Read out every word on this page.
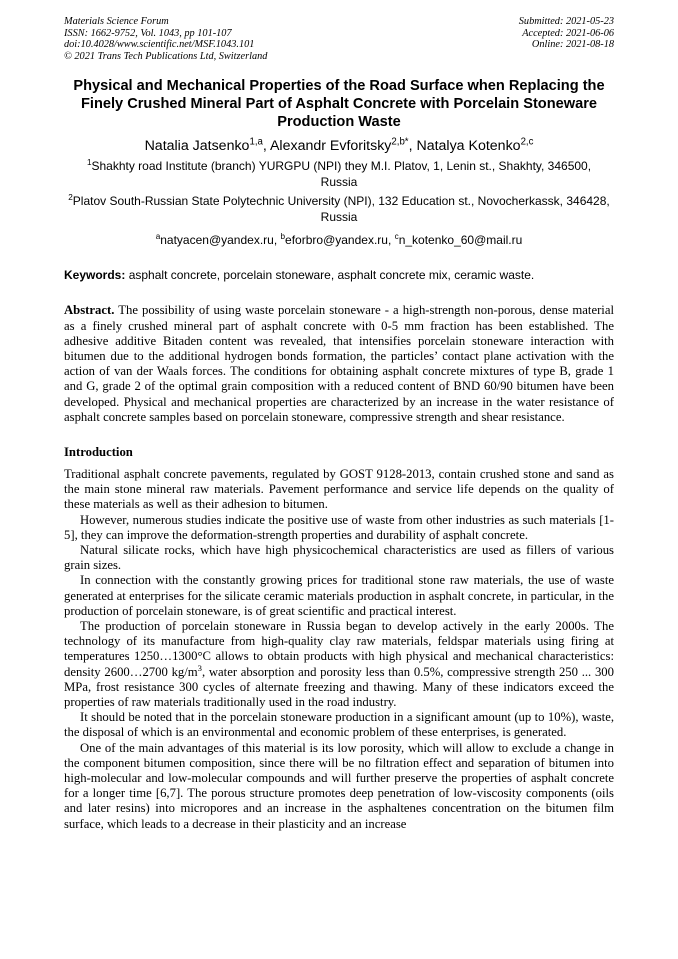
Materials Science Forum
ISSN: 1662-9752, Vol. 1043, pp 101-107
doi:10.4028/www.scientific.net/MSF.1043.101
© 2021 Trans Tech Publications Ltd, Switzerland
Submitted: 2021-05-23
Accepted: 2021-06-06
Online: 2021-08-18
Physical and Mechanical Properties of the Road Surface when Replacing the Finely Crushed Mineral Part of Asphalt Concrete with Porcelain Stoneware Production Waste
Natalia Jatsenko$^{1,a}$, Alexandr Evforitsky$^{2,b*}$, Natalya Kotenko$^{2,c}$
$^1$Shakhty road Institute (branch) YURGPU (NPI) they M.I. Platov, 1, Lenin st., Shakhty, 346500, Russia
$^2$Platov South-Russian State Polytechnic University (NPI), 132 Education st., Novocherkassk, 346428, Russia
$^a$natyacen@yandex.ru, $^b$eforbro@yandex.ru, $^c$n_kotenko_60@mail.ru
Keywords: asphalt concrete, porcelain stoneware, asphalt concrete mix, ceramic waste.
Abstract. The possibility of using waste porcelain stoneware - a high-strength non-porous, dense material as a finely crushed mineral part of asphalt concrete with 0-5 mm fraction has been established. The adhesive additive Bitaden content was revealed, that intensifies porcelain stoneware interaction with bitumen due to the additional hydrogen bonds formation, the particles’ contact plane activation with the action of van der Waals forces. The conditions for obtaining asphalt concrete mixtures of type B, grade 1 and G, grade 2 of the optimal grain composition with a reduced content of BND 60/90 bitumen have been developed. Physical and mechanical properties are characterized by an increase in the water resistance of asphalt concrete samples based on porcelain stoneware, compressive strength and shear resistance.
Introduction

Traditional asphalt concrete pavements, regulated by GOST 9128-2013, contain crushed stone and sand as the main stone mineral raw materials. Pavement performance and service life depends on the quality of these materials as well as their adhesion to bitumen.

However, numerous studies indicate the positive use of waste from other industries as such materials [1-5], they can improve the deformation-strength properties and durability of asphalt concrete.

Natural silicate rocks, which have high physicochemical characteristics are used as fillers of various grain sizes.

In connection with the constantly growing prices for traditional stone raw materials, the use of waste generated at enterprises for the silicate ceramic materials production in asphalt concrete, in particular, in the production of porcelain stoneware, is of great scientific and practical interest.

The production of porcelain stoneware in Russia began to develop actively in the early 2000s. The technology of its manufacture from high-quality clay raw materials, feldspar materials using firing at temperatures 1250…1300°C allows to obtain products with high physical and mechanical characteristics: density 2600…2700 $kg/m^3$, water absorption and porosity less than 0.5%, compressive strength 250 ... 300 MPa, frost resistance 300 cycles of alternate freezing and thawing. Many of these indicators exceed the properties of raw materials traditionally used in the road industry.

It should be noted that in the porcelain stoneware production in a significant amount (up to 10%), waste, the disposal of which is an environmental and economic problem of these enterprises, is generated.

One of the main advantages of this material is its low porosity, which will allow to exclude a change in the component bitumen composition, since there will be no filtration effect and separation of bitumen into high-molecular and low-molecular compounds and will further preserve the properties of asphalt concrete for a longer time [6,7]. The porous structure promotes deep penetration of low-viscosity components (oils and later resins) into micropores and an increase in the asphaltenes concentration on the bitumen film surface, which leads to a decrease in their plasticity and an increase
